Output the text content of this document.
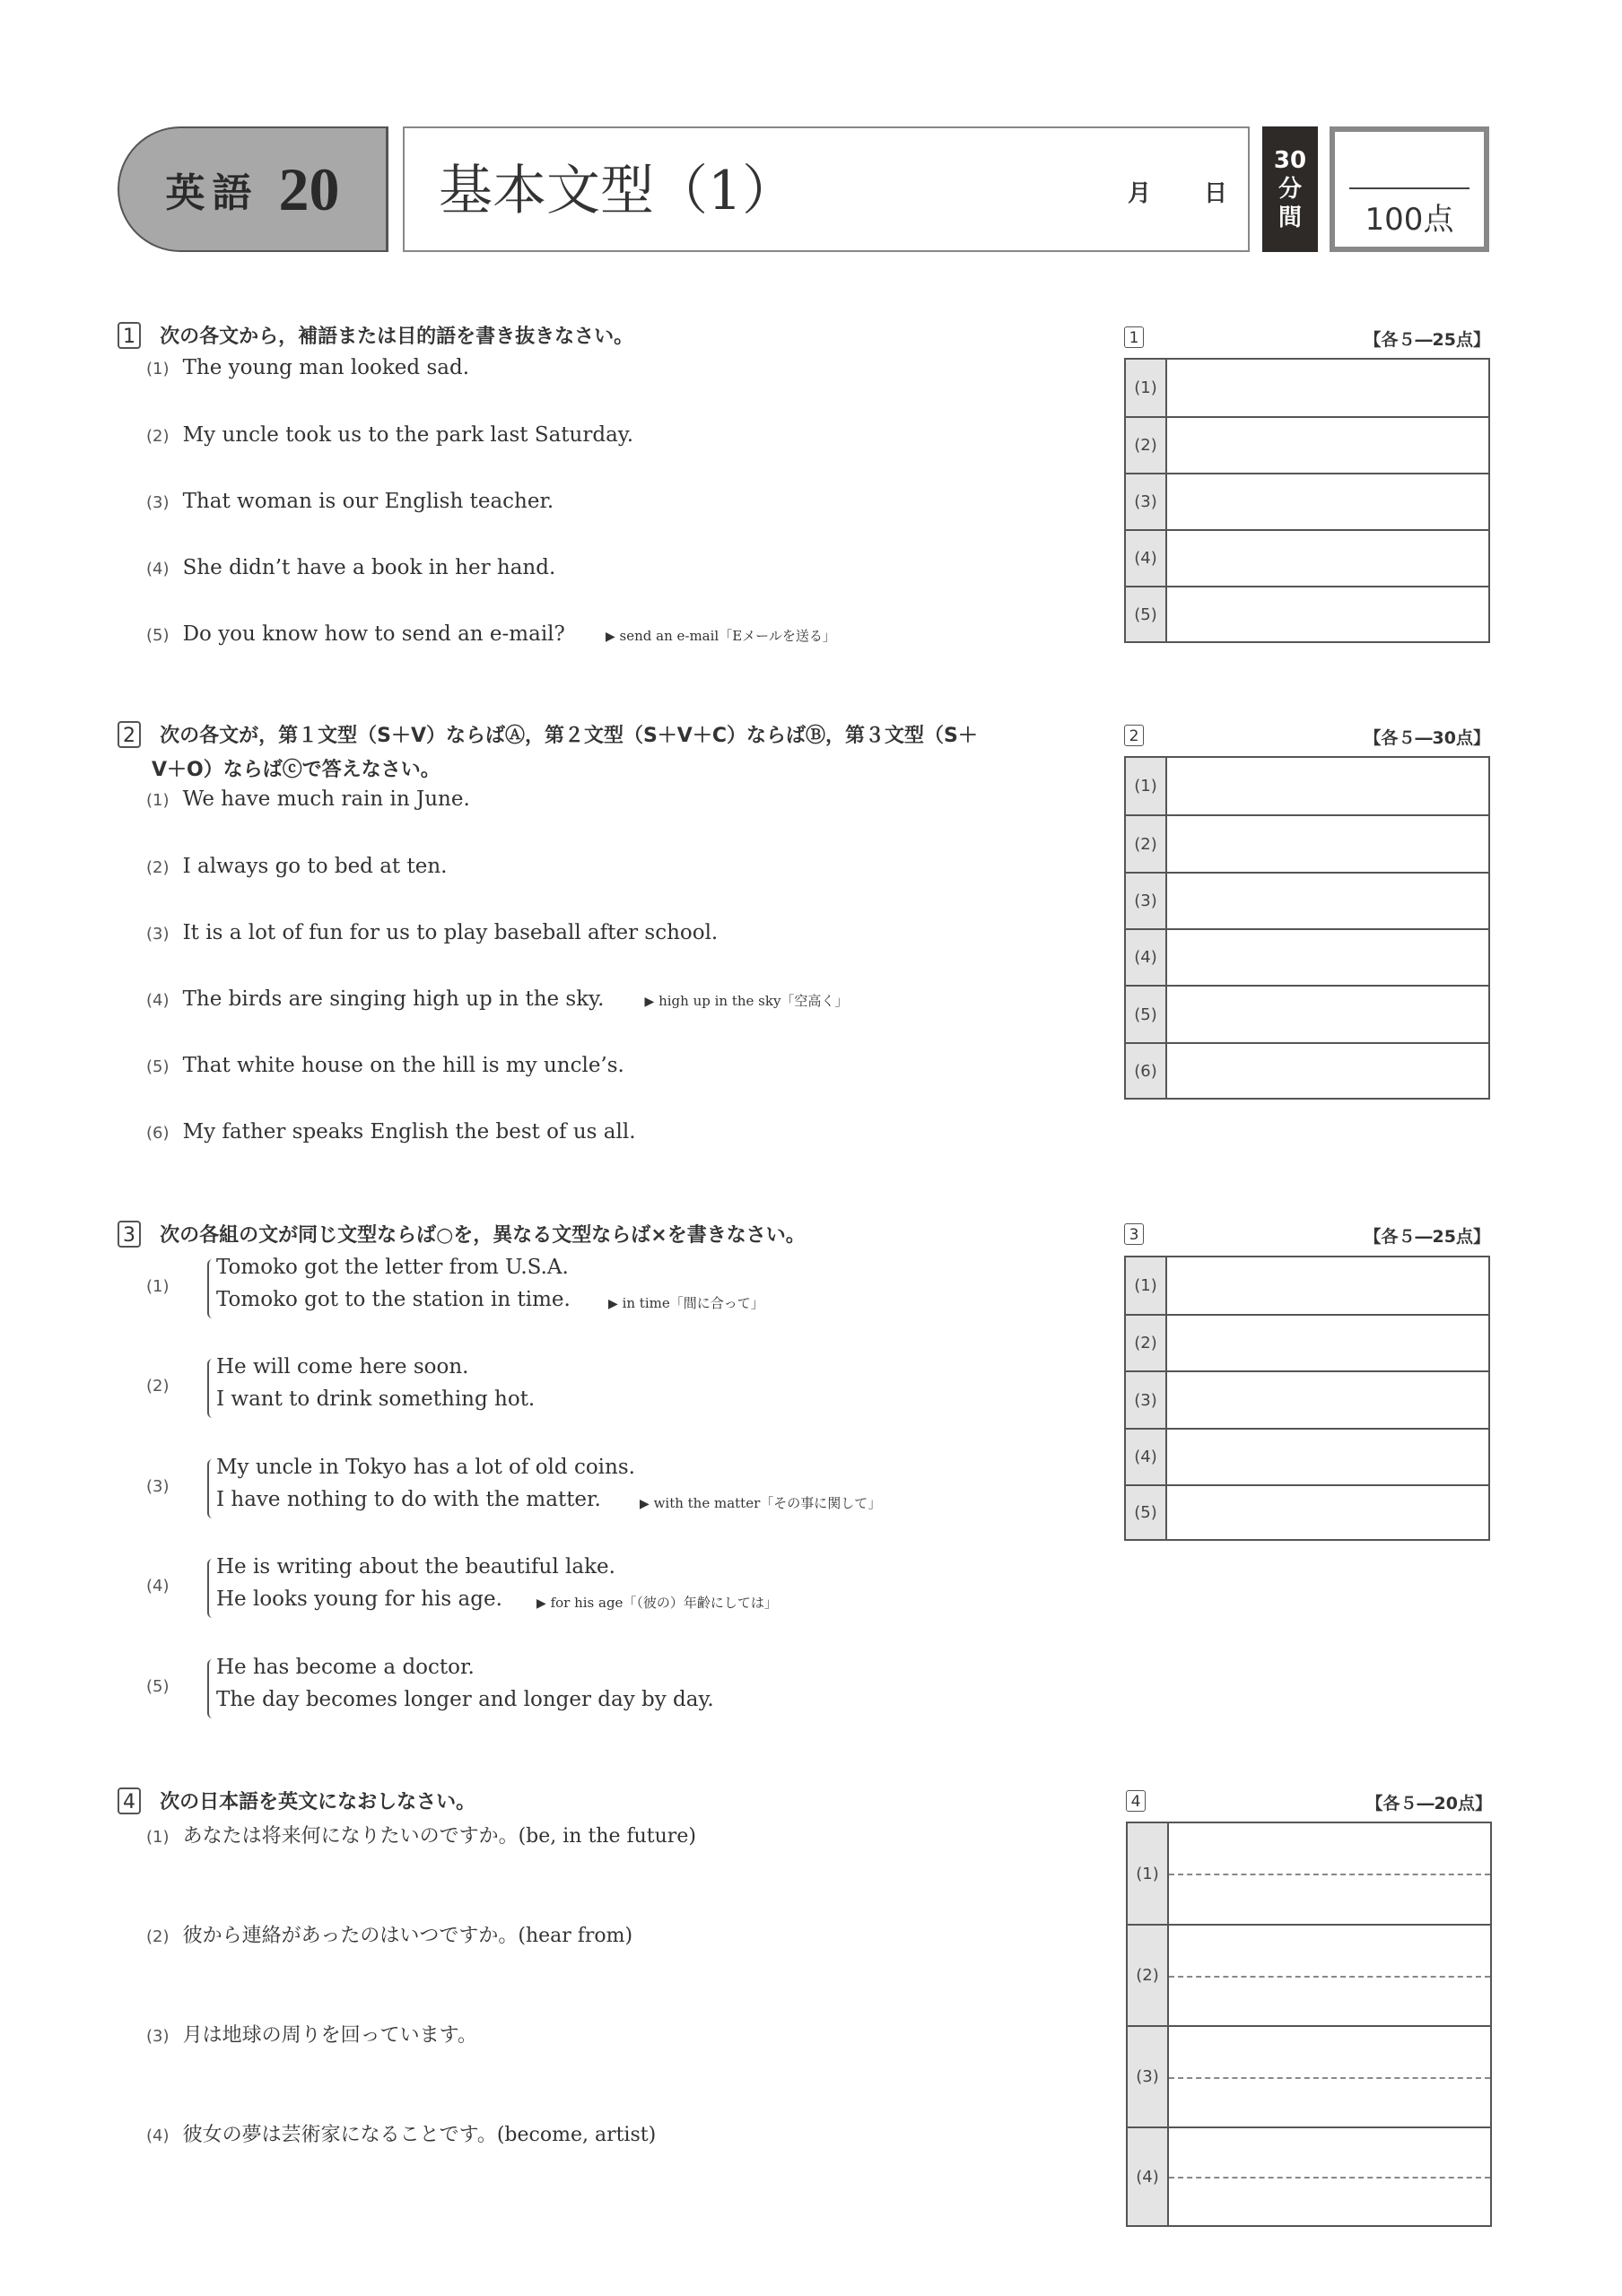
英語 20 基本文型（1）	月 日
30
分
間	100点
1 次の各文から，補語または目的語を書き抜きなさい。
(1) The young man looked sad.
(2) My uncle took us to the park last Saturday.
(3) That woman is our English teacher.
(4) She didn’t have a book in her hand.
(5) Do you know how to send an e-mail?	▶ send an e-mail「Eメールを送る」
2 次の各文が，第１文型（S＋V）ならばⒶ，第２文型（S＋V＋C）ならばⒷ，第３文型（S＋
V＋O）ならばⓒで答えなさい。
(1) We have much rain in June.
(2) I always go to bed at ten.
(3) It is a lot of fun for us to play baseball after school.
(4) The birds are singing high up in the sky.	▶ high up in the sky「空高く」
(5) That white house on the hill is my uncle’s.
(6) My father speaks English the best of us all.
3 次の各組の文が同じ文型ならば○を，異なる文型ならば×を書きなさい。
(1)
Tomoko got the letter from U.S.A.
Tomoko got to the station in time.	▶ in time「間に合って」
(2)
He will come here soon.
I want to drink something hot.
(3)
My uncle in Tokyo has a lot of old coins.
I have nothing to do with the matter.	▶ with the matter「その事に関して」
(4)
He is writing about the beautiful lake.
He looks young for his age.	▶ for his age「（彼の）年齢にしては」
(5)
He has become a doctor.
The day becomes longer and longer day by day.
4 次の日本語を英文になおしなさい。
(1) あなたは将来何になりたいのですか。(be, in the future)
(2) 彼から連絡があったのはいつですか。(hear from)
(3) 月は地球の周りを回っています。
(4) 彼女の夢は芸術家になることです。(become, artist)
1	【各５―25点】
(1)
(2)
(3)
(4)
(5)
2	【各５―30点】
(1)
(2)
(3)
(4)
(5)
(6)
3	【各５―25点】
(1)
(2)
(3)
(4)
(5)
4	【各５―20点】
(1)
(2)
(3)
(4)
